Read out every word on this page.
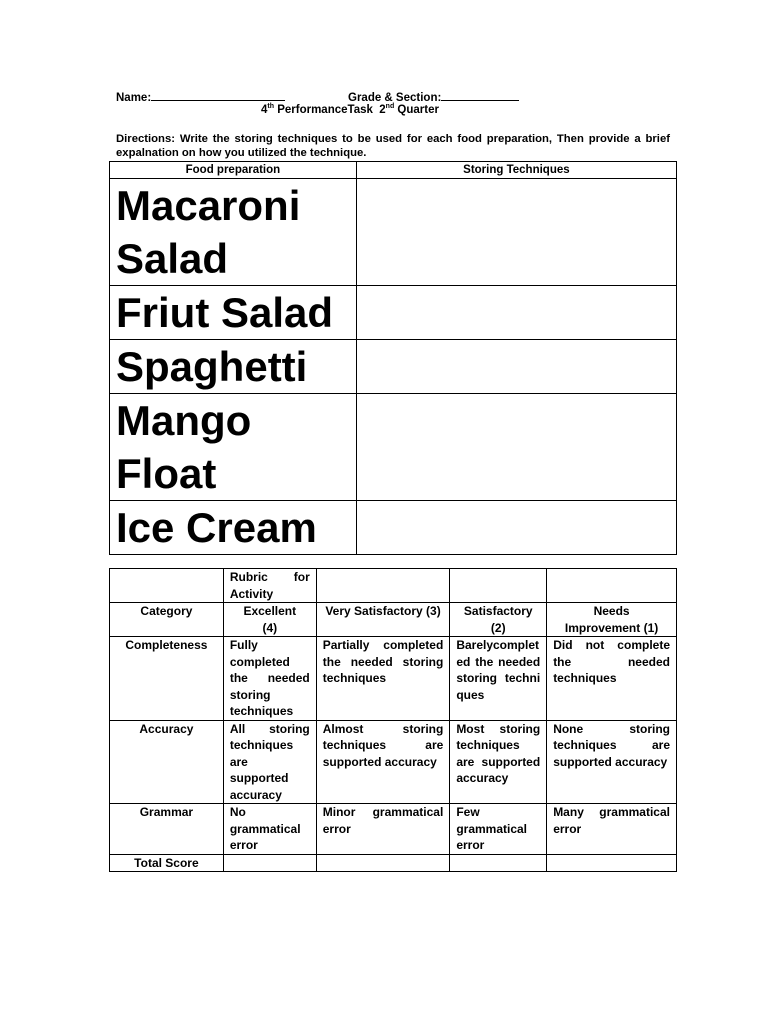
Name:	Grade & Section:
4th PerformanceTask  2nd Quarter
Directions: Write the storing techniques to be used for each food preparation, Then provide a brief expalnation on how you utilized the technique.
Food preparation	Storing Techniques
Macaroni Salad	
Friut Salad	
Spaghetti	
Mango Float	
Ice Cream	
	Rubric for Activity			
Category	Excellent (4)	Very Satisfactory (3)	Satisfactory (2)	Needs Improvement (1)
Completeness	Fully completed the needed storing techniques	Partially completed the needed storing techniques	Barelycompleted the needed storing techniques	Did not complete the needed techniques
Accuracy	All storing techniques are supported accuracy	Almost storing techniques are supported accuracy	Most storing techniques are supported accuracy	None storing techniques are supported accuracy
Grammar	No grammatical error	Minor grammatical error	Few grammatical error	Many grammatical error
Total Score				
